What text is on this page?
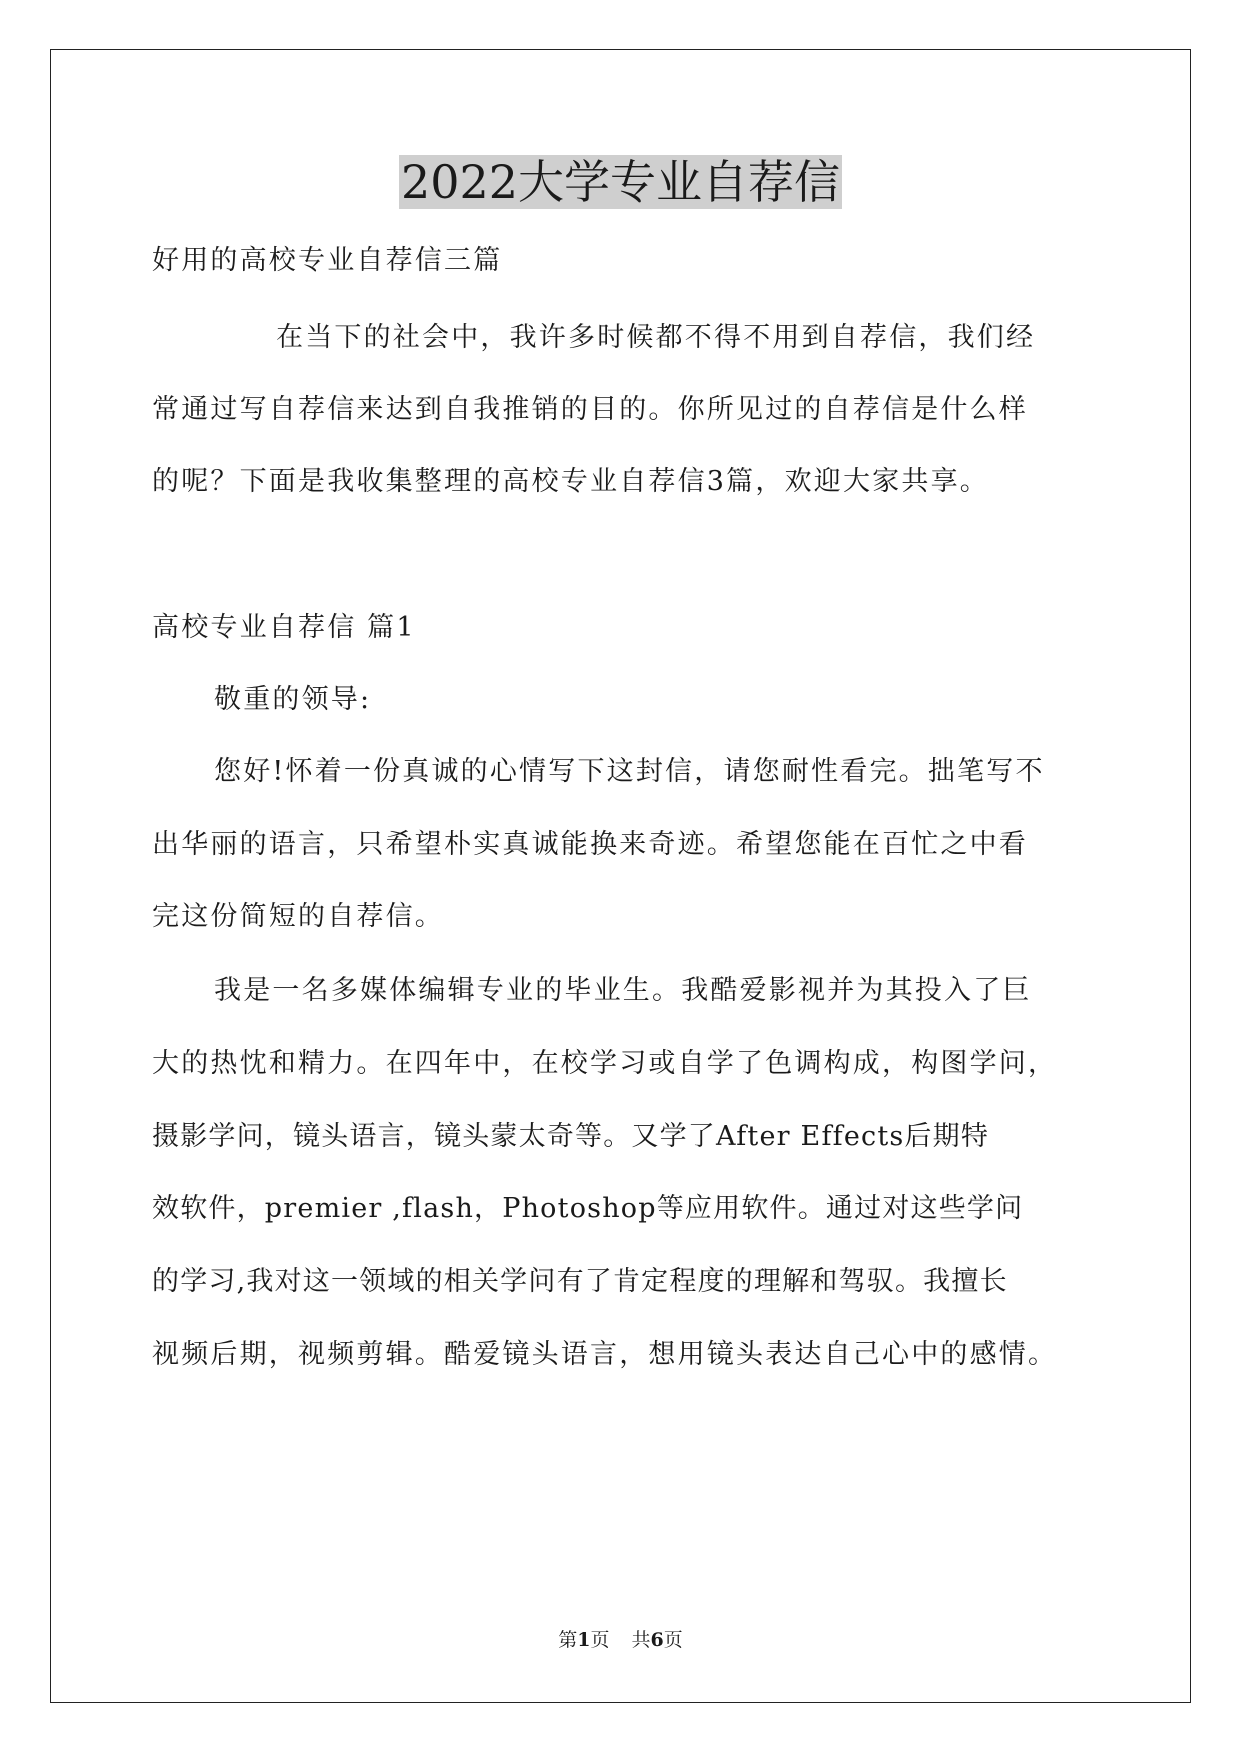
2022大学专业自荐信

好用的高校专业自荐信三篇

在当下的社会中，我许多时候都不得不用到自荐信，我们经

常通过写自荐信来达到自我推销的目的。你所见过的自荐信是什么样

的呢？下面是我收集整理的高校专业自荐信3篇，欢迎大家共享。

高校专业自荐信 篇1

敬重的领导:

您好!怀着一份真诚的心情写下这封信，请您耐性看完。拙笔写不

出华丽的语言，只希望朴实真诚能换来奇迹。希望您能在百忙之中看

完这份简短的自荐信。

我是一名多媒体编辑专业的毕业生。我酷爱影视并为其投入了巨

大的热忱和精力。在四年中，在校学习或自学了色调构成，构图学问，

摄影学问，镜头语言，镜头蒙太奇等。又学了After Effects后期特

效软件，premier ,flash，Photoshop等应用软件。通过对这些学问

的学习,我对这一领域的相关学问有了肯定程度的理解和驾驭。我擅长

视频后期，视频剪辑。酷爱镜头语言，想用镜头表达自己心中的感情。

第1页 共6页
